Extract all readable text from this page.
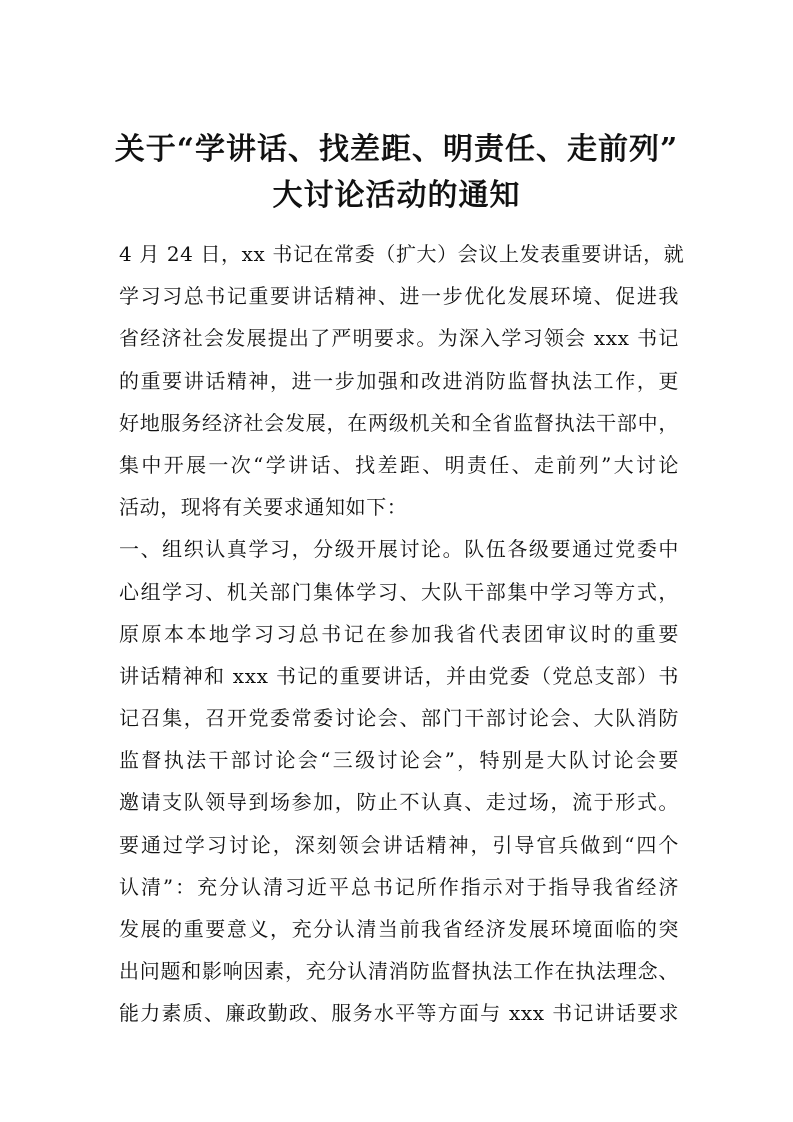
关于“学讲话、找差距、明责任、走前列”
大讨论活动的通知
4 月 24 日，xx 书记在常委（扩大）会议上发表重要讲话，就
学习习总书记重要讲话精神、进一步优化发展环境、促进我
省经济社会发展提出了严明要求。为深入学习领会 xxx 书记
的重要讲话精神，进一步加强和改进消防监督执法工作，更
好地服务经济社会发展，在两级机关和全省监督执法干部中，
集中开展一次“学讲话、找差距、明责任、走前列”大讨论
活动，现将有关要求通知如下：
一、组织认真学习，分级开展讨论。队伍各级要通过党委中
心组学习、机关部门集体学习、大队干部集中学习等方式，
原原本本地学习习总书记在参加我省代表团审议时的重要
讲话精神和 xxx 书记的重要讲话，并由党委（党总支部）书
记召集，召开党委常委讨论会、部门干部讨论会、大队消防
监督执法干部讨论会“三级讨论会”，特别是大队讨论会要
邀请支队领导到场参加，防止不认真、走过场，流于形式。
要通过学习讨论，深刻领会讲话精神，引导官兵做到“四个
认清”：充分认清习近平总书记所作指示对于指导我省经济
发展的重要意义，充分认清当前我省经济发展环境面临的突
出问题和影响因素，充分认清消防监督执法工作在执法理念、
能力素质、廉政勤政、服务水平等方面与 xxx 书记讲话要求
